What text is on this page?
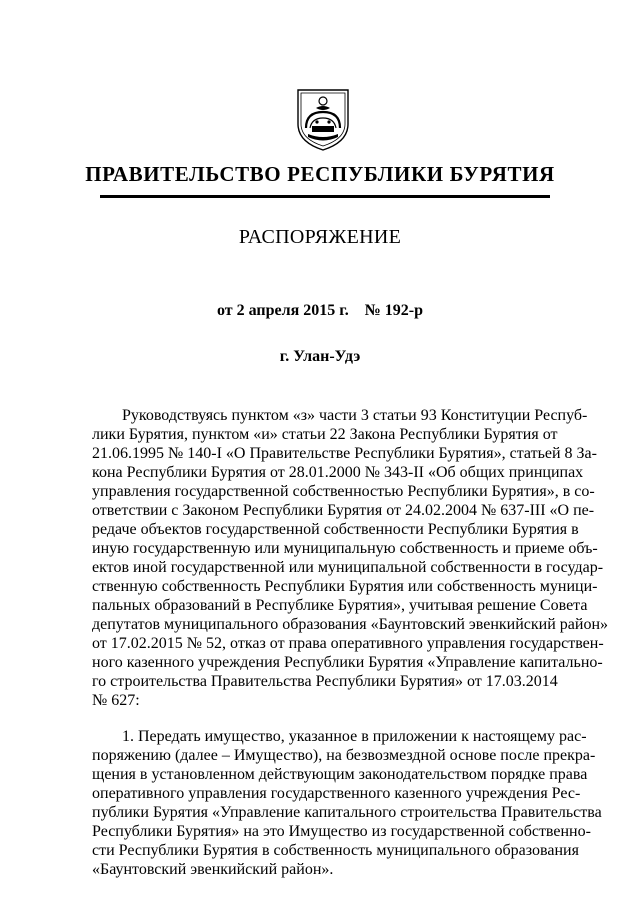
ПРАВИТЕЛЬСТВО РЕСПУБЛИКИ БУРЯТИЯ
РАСПОРЯЖЕНИЕ
от 2 апреля 2015 г.    № 192-р
г. Улан-Удэ
Руководствуясь пунктом «з» части 3 статьи 93 Конституции Респуб-
лики Бурятия, пунктом «и» статьи 22 Закона Республики Бурятия от
21.06.1995 № 140-I «О Правительстве Республики Бурятия», статьей 8 За-
кона Республики Бурятия от 28.01.2000 № 343-II «Об общих принципах
управления государственной собственностью Республики Бурятия», в со-
ответствии с Законом Республики Бурятия от 24.02.2004 № 637-III «О пе-
редаче объектов государственной собственности Республики Бурятия в
иную государственную или муниципальную собственность и приеме объ-
ектов иной государственной или муниципальной собственности в государ-
ственную собственность Республики Бурятия или собственность муници-
пальных образований в Республике Бурятия», учитывая решение Совета
депутатов муниципального образования «Баунтовский эвенкийский район»
от 17.02.2015 № 52, отказ от права оперативного управления государствен-
ного казенного учреждения Республики Бурятия «Управление капитально-
го строительства Правительства Республики Бурятия» от 17.03.2014
№ 627:
1. Передать имущество, указанное в приложении к настоящему рас-
поряжению (далее – Имущество), на безвозмездной основе после прекра-
щения в установленном действующим законодательством порядке права
оперативного управления государственного казенного учреждения Рес-
публики Бурятия «Управление капитального строительства Правительства
Республики Бурятия» на это Имущество из государственной собственно-
сти Республики Бурятия в собственность муниципального образования
«Баунтовский эвенкийский район».
